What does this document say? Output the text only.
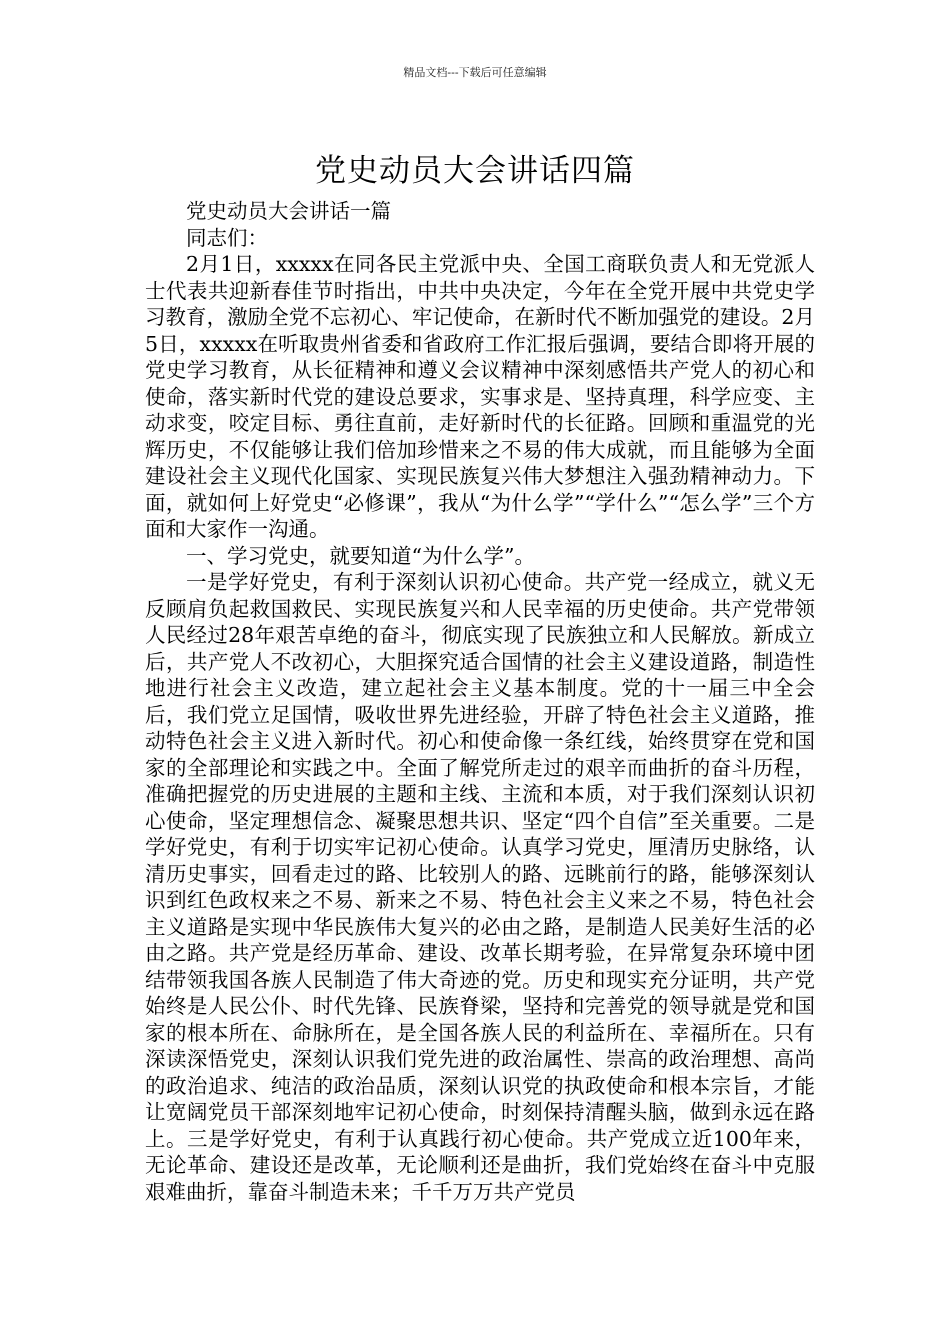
精品文档---下载后可任意编辑
党史动员大会讲话四篇

党史动员大会讲话一篇

同志们：

2月1日，xxxxx在同各民主党派中央、全国工商联负责人和无党派人士代表共迎新春佳节时指出，中共中央决定，今年在全党开展中共党史学习教育，激励全党不忘初心、牢记使命，在新时代不断加强党的建设。2月5日，xxxxx在听取贵州省委和省政府工作汇报后强调，要结合即将开展的党史学习教育，从长征精神和遵义会议精神中深刻感悟共产党人的初心和使命，落实新时代党的建设总要求，实事求是、坚持真理，科学应变、主动求变，咬定目标、勇往直前，走好新时代的长征路。回顾和重温党的光辉历史，不仅能够让我们倍加珍惜来之不易的伟大成就，而且能够为全面建设社会主义现代化国家、实现民族复兴伟大梦想注入强劲精神动力。下面，就如何上好党史“必修课”，我从“为什么学”“学什么”“怎么学”三个方面和大家作一沟通。

一、学习党史，就要知道“为什么学”。

一是学好党史，有利于深刻认识初心使命。共产党一经成立，就义无反顾肩负起救国救民、实现民族复兴和人民幸福的历史使命。共产党带领人民经过28年艰苦卓绝的奋斗，彻底实现了民族独立和人民解放。新成立后，共产党人不改初心，大胆探究适合国情的社会主义建设道路，制造性地进行社会主义改造，建立起社会主义基本制度。党的十一届三中全会后，我们党立足国情，吸收世界先进经验，开辟了特色社会主义道路，推动特色社会主义进入新时代。初心和使命像一条红线，始终贯穿在党和国家的全部理论和实践之中。全面了解党所走过的艰辛而曲折的奋斗历程，准确把握党的历史进展的主题和主线、主流和本质，对于我们深刻认识初心使命，坚定理想信念、凝聚思想共识、坚定“四个自信”至关重要。二是学好党史，有利于切实牢记初心使命。认真学习党史，厘清历史脉络，认清历史事实，回看走过的路、比较别人的路、远眺前行的路，能够深刻认识到红色政权来之不易、新来之不易、特色社会主义来之不易，特色社会主义道路是实现中华民族伟大复兴的必由之路，是制造人民美好生活的必由之路。共产党是经历革命、建设、改革长期考验，在异常复杂环境中团结带领我国各族人民制造了伟大奇迹的党。历史和现实充分证明，共产党始终是人民公仆、时代先锋、民族脊梁，坚持和完善党的领导就是党和国家的根本所在、命脉所在，是全国各族人民的利益所在、幸福所在。只有深读深悟党史，深刻认识我们党先进的政治属性、崇高的政治理想、高尚的政治追求、纯洁的政治品质，深刻认识党的执政使命和根本宗旨，才能让宽阔党员干部深刻地牢记初心使命，时刻保持清醒头脑，做到永远在路上。三是学好党史，有利于认真践行初心使命。共产党成立近100年来，无论革命、建设还是改革，无论顺利还是曲折，我们党始终在奋斗中克服艰难曲折，靠奋斗制造未来；千千万万共产党员
